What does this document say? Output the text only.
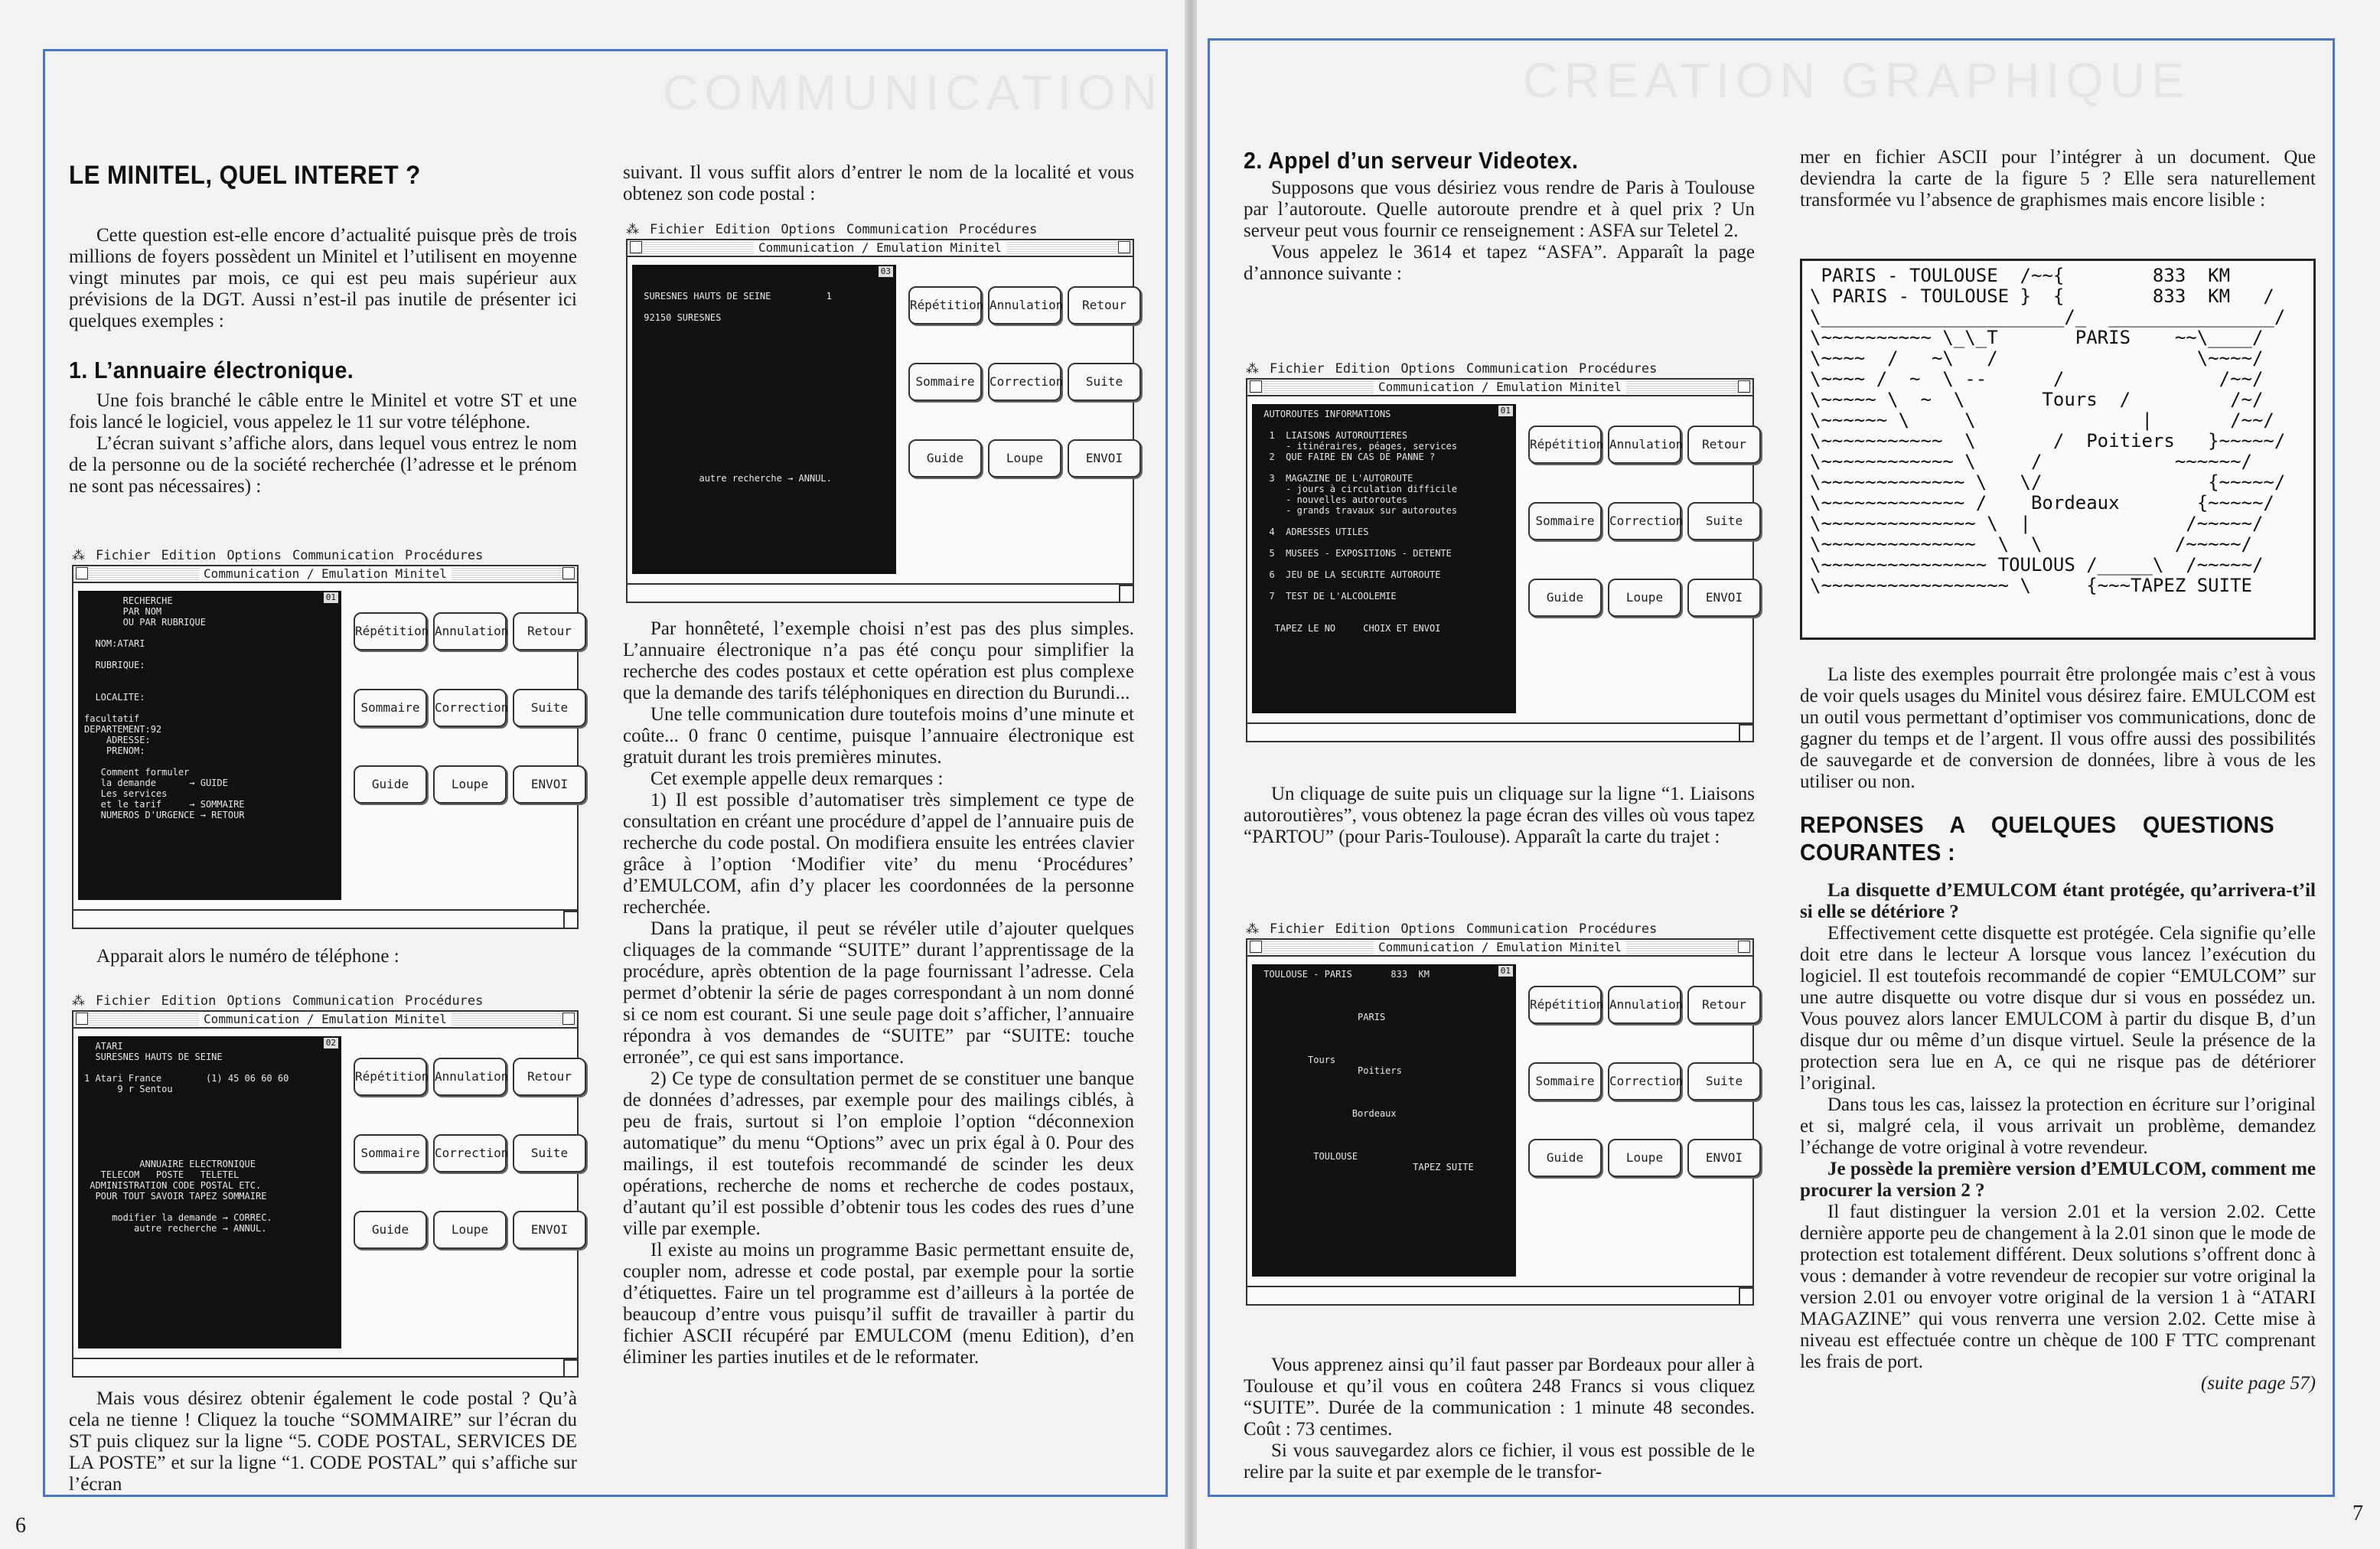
COMMUNICATION	CREATION GRAPHIQUE
LE MINITEL, QUEL INTERET ?

Cette question est-elle encore d’actualité puisque près de trois millions de foyers possèdent un Minitel et l’utilisent en moyenne vingt minutes par mois, ce qui est peu mais supérieur aux prévisions de la DGT. Aussi n’est-il pas inutile de présenter ici quelques exemples :

1. L’annuaire électronique.

Une fois branché le câble entre le Minitel et votre ST et une fois lancé le logiciel, vous appelez le 11 sur votre téléphone.

L’écran suivant s’affiche alors, dans lequel vous entrez le nom de la personne ou de la société recherchée (l’adresse et le prénom ne sont pas nécessaires) :

Apparait alors le numéro de téléphone :

Mais vous désirez obtenir également le code postal ? Qu’à cela ne tienne ! Cliquez la touche “SOMMAIRE” sur l’écran du ST puis cliquez sur la ligne “5. CODE POSTAL, SERVICES DE LA POSTE” et sur la ligne “1. CODE POSTAL” qui s’affiche sur l’écran

suivant. Il vous suffit alors d’entrer le nom de la localité et vous obtenez son code postal :

Par honnêteté, l’exemple choisi n’est pas des plus simples. L’annuaire électronique n’a pas été conçu pour simplifier la recherche des codes postaux et cette opération est plus complexe que la demande des tarifs téléphoniques en direction du Burundi...

Une telle communication dure toutefois moins d’une minute et coûte... 0 franc 0 centime, puisque l’annuaire électronique est gratuit durant les trois premières minutes.

Cet exemple appelle deux remarques :

1) Il est possible d’automatiser très simplement ce type de consultation en créant une procédure d’appel de l’annuaire puis de recherche du code postal. On modifiera ensuite les entrées clavier grâce à l’option ‘Modifier vite’ du menu ‘Procédures’ d’EMULCOM, afin d’y placer les coordonnées de la personne recherchée.

Dans la pratique, il peut se révéler utile d’ajouter quelques cliquages de la commande “SUITE” durant l’apprentissage de la procédure, après obtention de la page fournissant l’adresse. Cela permet d’obtenir la série de pages correspondant à un nom donné si ce nom est courant. Si une seule page doit s’afficher, l’annuaire répondra à vos demandes de “SUITE” par “SUITE: touche erronée”, ce qui est sans importance.

2) Ce type de consultation permet de se constituer une banque de données d’adresses, par exemple pour des mailings ciblés, à peu de frais, surtout si l’on emploie l’option “déconnexion automatique” du menu “Options” avec un prix égal à 0. Pour des mailings, il est toutefois recommandé de scinder les deux opérations, recherche de noms et recherche de codes postaux, d’autant qu’il est possible d’obtenir tous les codes des rues d’une ville par exemple.

Il existe au moins un programme Basic permettant ensuite de, coupler nom, adresse et code postal, par exemple pour la sortie d’étiquettes. Faire un tel programme est d’ailleurs à la portée de beaucoup d’entre vous puisqu’il suffit de travailler à partir du fichier ASCII récupéré par EMULCOM (menu Edition), d’en éliminer les parties inutiles et de le reformater.

2. Appel d’un serveur Videotex.

Supposons que vous désiriez vous rendre de Paris à Toulouse par l’autoroute. Quelle autoroute prendre et à quel prix ? Un serveur peut vous fournir ce renseignement : ASFA sur Teletel 2.

Vous appelez le 3614 et tapez “ASFA”. Apparaît la page d’annonce suivante :

Un cliquage de suite puis un cliquage sur la ligne “1. Liaisons autoroutières”, vous obtenez la page écran des villes où vous tapez “PARTOU” (pour Paris-Toulouse). Apparaît la carte du trajet :

Vous apprenez ainsi qu’il faut passer par Bordeaux pour aller à Toulouse et qu’il vous en coûtera 248 Francs si vous cliquez “SUITE”. Durée de la communication : 1 minute 48 secondes. Coût : 73 centimes.

Si vous sauvegardez alors ce fichier, il vous est possible de le relire par la suite et par exemple de le transfor-

mer en fichier ASCII pour l’intégrer à un document. Que deviendra la carte de la figure 5 ? Elle sera naturellement transformée vu l’absence de graphismes mais encore lisible :

PARIS - TOULOUSE  /~~{        833  KM
\ PARIS - TOULOUSE }  {        833  KM   /
\______________________/_  _______________/
\~~~~~~~~~~ \_\_T       PARIS    ~~\____/
\~~~~  /   ~\   /                  \~~~~/
\~~~~ /  ~  \ --      /              /~~/
\~~~~~ \  ~  \       Tours  /         /~/
\~~~~~~ \     \               |       /~~/
\~~~~~~~~~~~  \       /  Poitiers   }~~~~~/
\~~~~~~~~~~~~ \     /            ~~~~~~/
\~~~~~~~~~~~~~ \   \/               {~~~~~/
\~~~~~~~~~~~~~ /    Bordeaux       {~~~~~/
\~~~~~~~~~~~~~~ \  |              /~~~~~/
\~~~~~~~~~~~~~~  \  \            /~~~~~/
\~~~~~~~~~~~~~~~ TOULOUS /_____\  /~~~~~/
\~~~~~~~~~~~~~~~~~ \     {~~~TAPEZ SUITE

La liste des exemples pourrait être prolongée mais c’est à vous de voir quels usages du Minitel vous désirez faire. EMULCOM est un outil vous permettant d’optimiser vos communications, donc de gagner du temps et de l’argent. Il vous offre aussi des possibilités de sauvegarde et de conversion de données, libre à vous de les utiliser ou non.

REPONSES A QUELQUES QUESTIONS COURANTES :

La disquette d’EMULCOM étant protégée, qu’arrivera-t’il si elle se détériore ?

Effectivement cette disquette est protégée. Cela signifie qu’elle doit etre dans le lecteur A lorsque vous lancez l’exécution du logiciel. Il est toutefois recommandé de copier “EMULCOM” sur une autre disquette ou votre disque dur si vous en possédez un. Vous pouvez alors lancer EMULCOM à partir du disque B, d’un disque dur ou même d’un disque virtuel. Seule la présence de la protection sera lue en A, ce qui ne risque pas de détériorer l’original.

Dans tous les cas, laissez la protection en écriture sur l’original et si, malgré cela, il vous arrivait un problème, demandez l’échange de votre original à votre revendeur.

Je possède la première version d’EMULCOM, comment me procurer la version 2 ?

Il faut distinguer la version 2.01 et la version 2.02. Cette dernière apporte peu de changement à la 2.01 sinon que le mode de protection est totalement différent. Deux solutions s’offrent donc à vous : demander à votre revendeur de recopier sur votre original la version 2.01 ou envoyer votre original de la version 1 à “ATARI MAGAZINE” qui vous renverra une version 2.02. Cette mise à niveau est effectuée contre un chèque de 100 F TTC comprenant les frais de port.

(suite page 57)

6
7
⁂ Fichier Edition Options Communication Procédures
Communication / Emulation Minitel
RECHERCHE
PAR NOM
OU PAR RUBRIQUE

NOM:ATARI

RUBRIQUE:

LOCALITE:

facultatif
DEPARTEMENT:92
ADRESSE:
PRENOM:

Comment formuler
la demande      → GUIDE
Les services
et le tarif     → SOMMAIRE
NUMEROS D'URGENCE → RETOUR
01
Répétition Annulation	Retour
Sommaire	Correction	Suite
Guide	Loupe	ENVOI
⁂ Fichier Edition Options Communication Procédures
Communication / Emulation Minitel
ATARI
SURESNES HAUTS DE SEINE

1 Atari France        (1) 45 06 60 60
9 r Sentou

ANNUAIRE ELECTRONIQUE
TELECOM   POSTE   TELETEL
ADMINISTRATION CODE POSTAL ETC.
POUR TOUT SAVOIR TAPEZ SOMMAIRE

modifier la demande → CORREC.
autre recherche → ANNUL.
02
Répétition Annulation	Retour
Sommaire	Correction	Suite
Guide	Loupe	ENVOI
⁂ Fichier Edition Options Communication Procédures
Communication / Emulation Minitel

SURESNES HAUTS DE SEINE          1

92150 SURESNES

autre recherche → ANNUL.
03
Répétition Annulation	Retour
Sommaire	Correction	Suite
Guide	Loupe	ENVOI
⁂ Fichier Edition Options Communication Procédures
Communication / Emulation Minitel
AUTOROUTES INFORMATIONS

1  LIAISONS AUTOROUTIERES
- itinéraires, péages, services
2  QUE FAIRE EN CAS DE PANNE ?

3  MAGAZINE DE L'AUTOROUTE
- jours à circulation difficile
- nouvelles autoroutes
- grands travaux sur autoroutes

4  ADRESSES UTILES

5  MUSEES - EXPOSITIONS - DETENTE

6  JEU DE LA SECURITE AUTOROUTE

7  TEST DE L'ALCOOLEMIE

TAPEZ LE NO     CHOIX ET ENVOI
01
Répétition Annulation	Retour
Sommaire	Correction	Suite
Guide	Loupe	ENVOI
⁂ Fichier Edition Options Communication Procédures
Communication / Emulation Minitel
TOULOUSE - PARIS       833  KM

PARIS

Tours
Poitiers

Bordeaux

TOULOUSE
TAPEZ SUITE
01
Répétition Annulation	Retour
Sommaire	Correction	Suite
Guide	Loupe	ENVOI
